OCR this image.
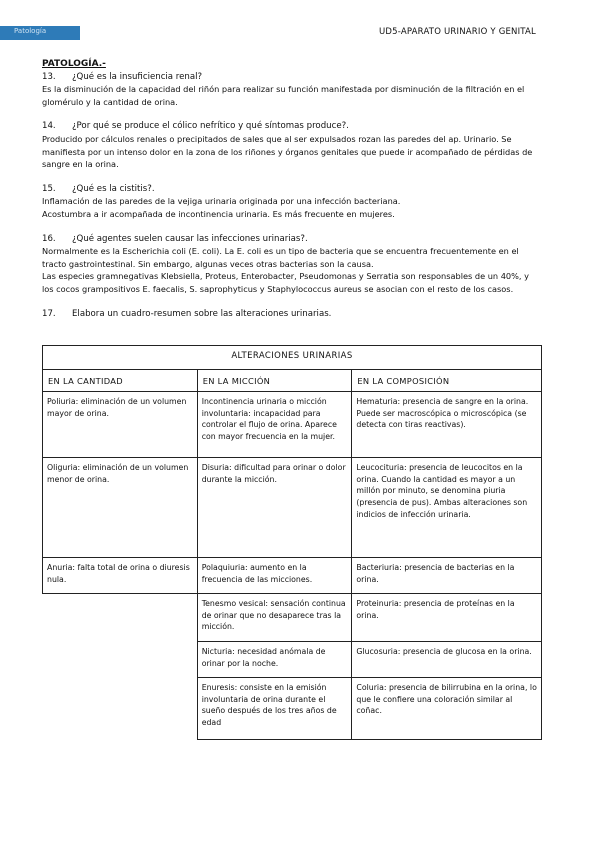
Patología	UD5-APARATO URINARIO Y GENITAL

PATOLOGÍA.-

13. ¿Qué es la insuficiencia renal?

Es la disminución de la capacidad del riñón para realizar su función manifestada por disminución de la filtración en el glomérulo y la cantidad de orina.

14. ¿Por qué se produce el cólico nefrítico y qué síntomas produce?.

Producido por cálculos renales o precipitados de sales que al ser expulsados rozan las paredes del ap. Urinario. Se manifiesta por un intenso dolor en la zona de los riñones y órganos genitales que puede ir acompañado de pérdidas de sangre en la orina.

15. ¿Qué es la cistitis?.

Inflamación de las paredes de la vejiga urinaria originada por una infección bacteriana.

Acostumbra a ir acompañada de incontinencia urinaria. Es más frecuente en mujeres.

16. ¿Qué agentes suelen causar las infecciones urinarias?.

Normalmente es la Escherichia coli (E. coli). La E. coli es un tipo de bacteria que se encuentra frecuentemente en el tracto gastrointestinal. Sin embargo, algunas veces otras bacterias son la causa.

Las especies gramnegativas Klebsiella, Proteus, Enterobacter, Pseudomonas y Serratia son responsables de un 40%, y los cocos grampositivos E. faecalis, S. saprophyticus y Staphylococcus aureus se asocian con el resto de los casos.

17. Elabora un cuadro-resumen sobre las alteraciones urinarias.

ALTERACIONES URINARIAS		
EN LA CANTIDAD	EN LA MICCIÓN	EN LA COMPOSICIÓN
Poliuria: eliminación de un volumen mayor de orina.	Incontinencia urinaria o micción involuntaria: incapacidad para controlar el flujo de orina. Aparece con mayor frecuencia en la mujer.	Hematuria: presencia de sangre en la orina. Puede ser macroscópica o microscópica (se detecta con tiras reactivas).
Oliguria: eliminación de un volumen menor de orina.	Disuria: dificultad para orinar o dolor durante la micción.	Leucocituria: presencia de leucocitos en la orina. Cuando la cantidad es mayor a un millón por minuto, se denomina piuria (presencia de pus). Ambas alteraciones son indicios de infección urinaria.
Anuria: falta total de orina o diuresis nula.	Polaquiuria: aumento en la frecuencia de las micciones.	Bacteriuria: presencia de bacterias en la orina.
	Tenesmo vesical: sensación continua de orinar que no desaparece tras la micción.	Proteinuria: presencia de proteínas en la orina.
	Nicturia: necesidad anómala de orinar por la noche.	Glucosuria: presencia de glucosa en la orina.
	Enuresis: consiste en la emisión involuntaria de orina durante el sueño después de los tres años de edad	Coluria: presencia de bilirrubina en la orina, lo que le confiere una coloración similar al coñac.
